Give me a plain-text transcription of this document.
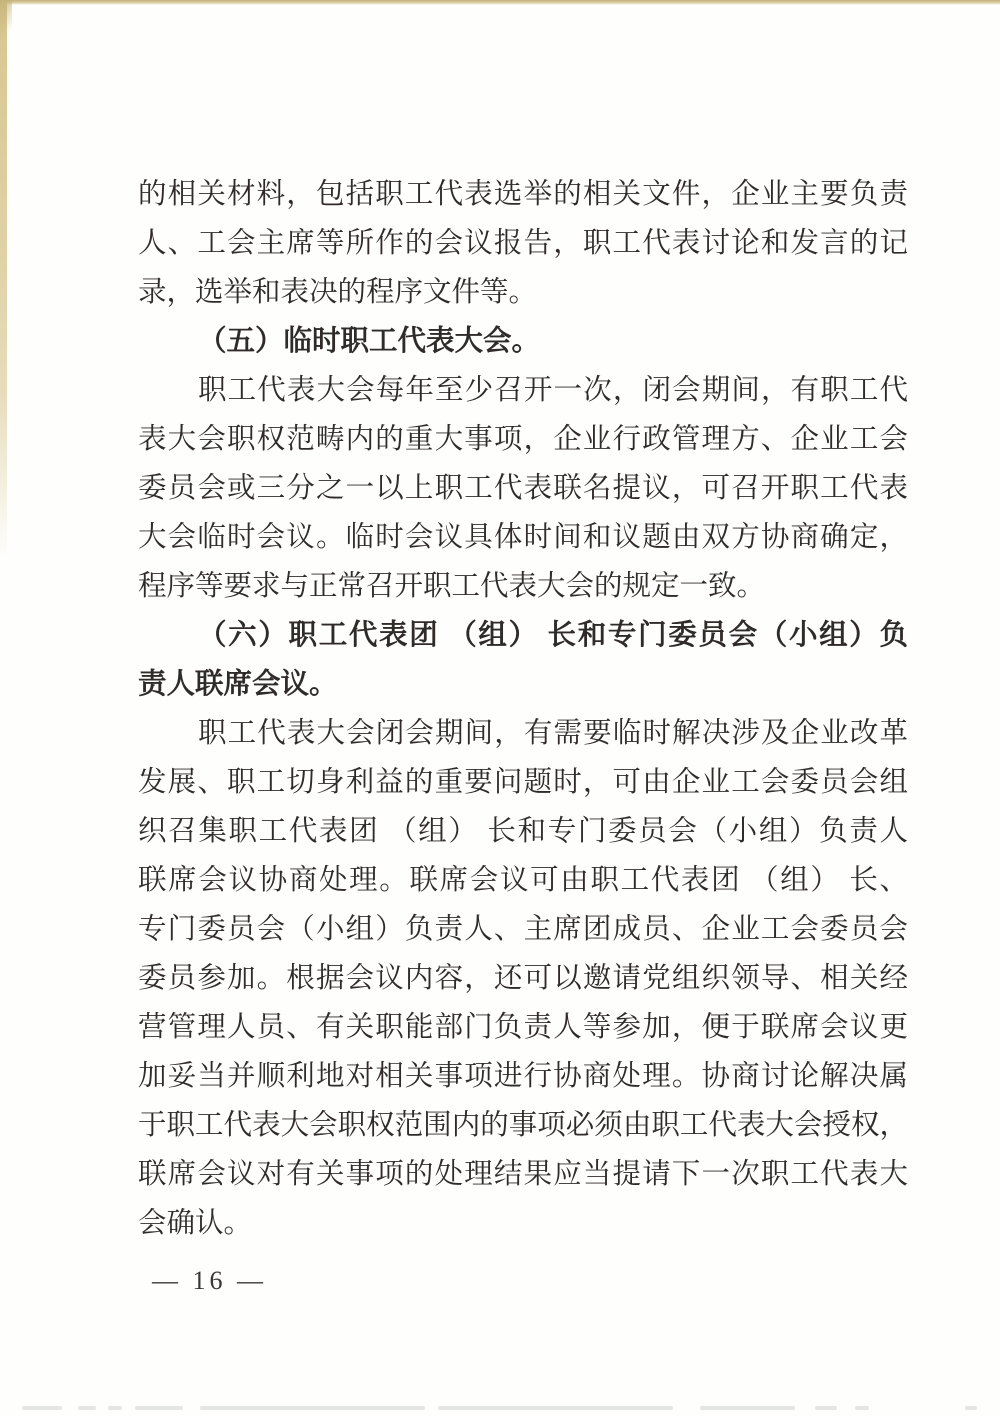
的相关材料，包括职工代表选举的相关文件，企业主要负责
人、工会主席等所作的会议报告，职工代表讨论和发言的记
录，选举和表决的程序文件等。
（五）临时职工代表大会。
职工代表大会每年至少召开一次，闭会期间，有职工代
表大会职权范畴内的重大事项，企业行政管理方、企业工会
委员会或三分之一以上职工代表联名提议，可召开职工代表
大会临时会议。临时会议具体时间和议题由双方协商确定，
程序等要求与正常召开职工代表大会的规定一致。
（六）职工代表团 （组） 长和专门委员会（小组）负
责人联席会议。
职工代表大会闭会期间，有需要临时解决涉及企业改革
发展、职工切身利益的重要问题时，可由企业工会委员会组
织召集职工代表团 （组） 长和专门委员会（小组）负责人
联席会议协商处理。联席会议可由职工代表团 （组） 长、
专门委员会（小组）负责人、主席团成员、企业工会委员会
委员参加。根据会议内容，还可以邀请党组织领导、相关经
营管理人员、有关职能部门负责人等参加，便于联席会议更
加妥当并顺利地对相关事项进行协商处理。协商讨论解决属
于职工代表大会职权范围内的事项必须由职工代表大会授权，
联席会议对有关事项的处理结果应当提请下一次职工代表大
会确认。
— 16 —
